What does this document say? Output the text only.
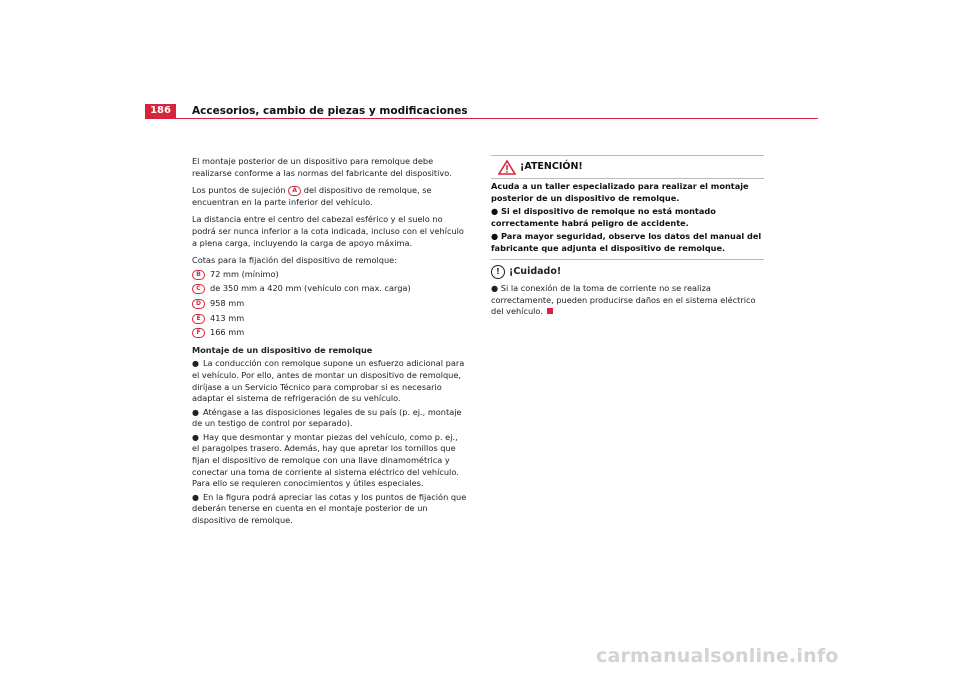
186	Accesorios, cambio de piezas y modificaciones

El montaje posterior de un dispositivo para remolque debe realizarse conforme a las normas del fabricante del dispositivo.

Los puntos de sujeción A del dispositivo de remolque, se encuentran en la parte inferior del vehículo.

La distancia entre el centro del cabezal esférico y el suelo no podrá ser nunca inferior a la cota indicada, incluso con el vehículo a plena carga, incluyendo la carga de apoyo máxima.

Cotas para la fijación del dispositivo de remolque:

B 72 mm (mínimo)
C de 350 mm a 420 mm (vehículo con max. carga)
D 958 mm
E 413 mm
F 166 mm
Montaje de un dispositivo de remolque
● La conducción con remolque supone un esfuerzo adicional para el vehículo. Por ello, antes de montar un dispositivo de remolque, diríjase a un Servicio Técnico para comprobar si es necesario adaptar el sistema de refrigeración de su vehículo.
● Aténgase a las disposiciones legales de su país (p. ej., montaje de un testigo de control por separado).
● Hay que desmontar y montar piezas del vehículo, como p. ej., el paragolpes trasero. Además, hay que apretar los tornillos que fijan el dispositivo de remolque con una llave dinamométrica y conectar una toma de corriente al sistema eléctrico del vehículo. Para ello se requieren conocimientos y útiles especiales.
● En la figura podrá apreciar las cotas y los puntos de fijación que deberán tenerse en cuenta en el montaje posterior de un dispositivo de remolque.
¡ATENCIÓN!

Acuda a un taller especializado para realizar el montaje posterior de un dispositivo de remolque.

● Si el dispositivo de remolque no está montado correctamente habrá peligro de accidente.

● Para mayor seguridad, observe los datos del manual del fabricante que adjunta el dispositivo de remolque.

! ¡Cuidado!
● Si la conexión de la toma de corriente no se realiza correctamente, pueden producirse daños en el sistema eléctrico del vehículo.
carmanualsonline.info
